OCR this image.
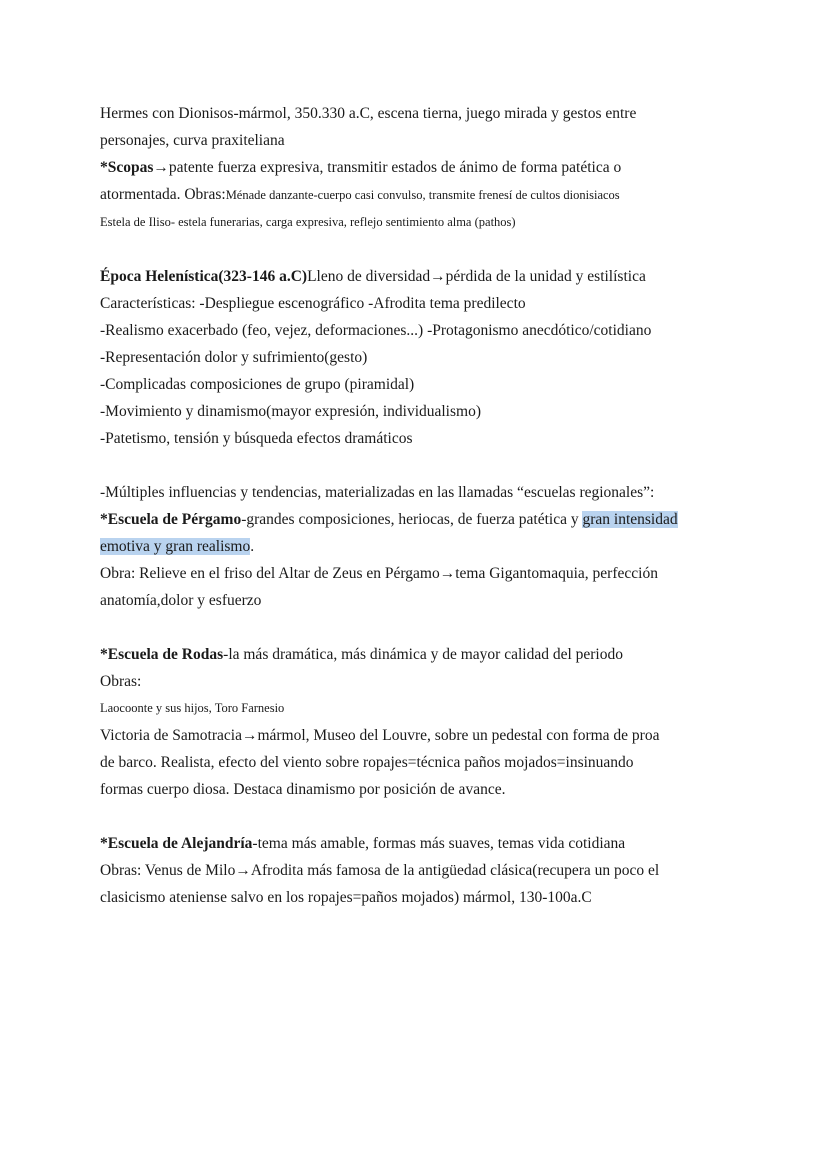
Hermes con Dionisos-mármol, 350.330 a.C, escena tierna, juego mirada y gestos entre
personajes, curva praxiteliana
*Scopas→patente fuerza expresiva, transmitir estados de ánimo de forma patética o
atormentada. Obras:Ménade danzante-cuerpo casi convulso, transmite frenesí de cultos dionisiacos
Estela de Iliso- estela funerarias, carga expresiva, reflejo sentimiento alma (pathos)
Época Helenística(323-146 a.C)Lleno de diversidad→pérdida de la unidad y estilística
Características: -Despliegue escenográfico -Afrodita tema predilecto
-Realismo exacerbado (feo, vejez, deformaciones...) -Protagonismo anecdótico/cotidiano
-Representación dolor y sufrimiento(gesto)
-Complicadas composiciones de grupo (piramidal)
-Movimiento y dinamismo(mayor expresión, individualismo)
-Patetismo, tensión y búsqueda efectos dramáticos
-Múltiples influencias y tendencias, materializadas en las llamadas “escuelas regionales”:
*Escuela de Pérgamo-grandes composiciones, heriocas, de fuerza patética y gran intensidad
emotiva y gran realismo.
Obra: Relieve en el friso del Altar de Zeus en Pérgamo→tema Gigantomaquia, perfección
anatomía,dolor y esfuerzo
*Escuela de Rodas-la más dramática, más dinámica y de mayor calidad del periodo
Obras:
Laocoonte y sus hijos, Toro Farnesio
Victoria de Samotracia→mármol, Museo del Louvre, sobre un pedestal con forma de proa
de barco. Realista, efecto del viento sobre ropajes=técnica paños mojados=insinuando
formas cuerpo diosa. Destaca dinamismo por posición de avance.
*Escuela de Alejandría-tema más amable, formas más suaves, temas vida cotidiana
Obras: Venus de Milo→Afrodita más famosa de la antigüedad clásica(recupera un poco el
clasicismo ateniense salvo en los ropajes=paños mojados) mármol, 130-100a.C
